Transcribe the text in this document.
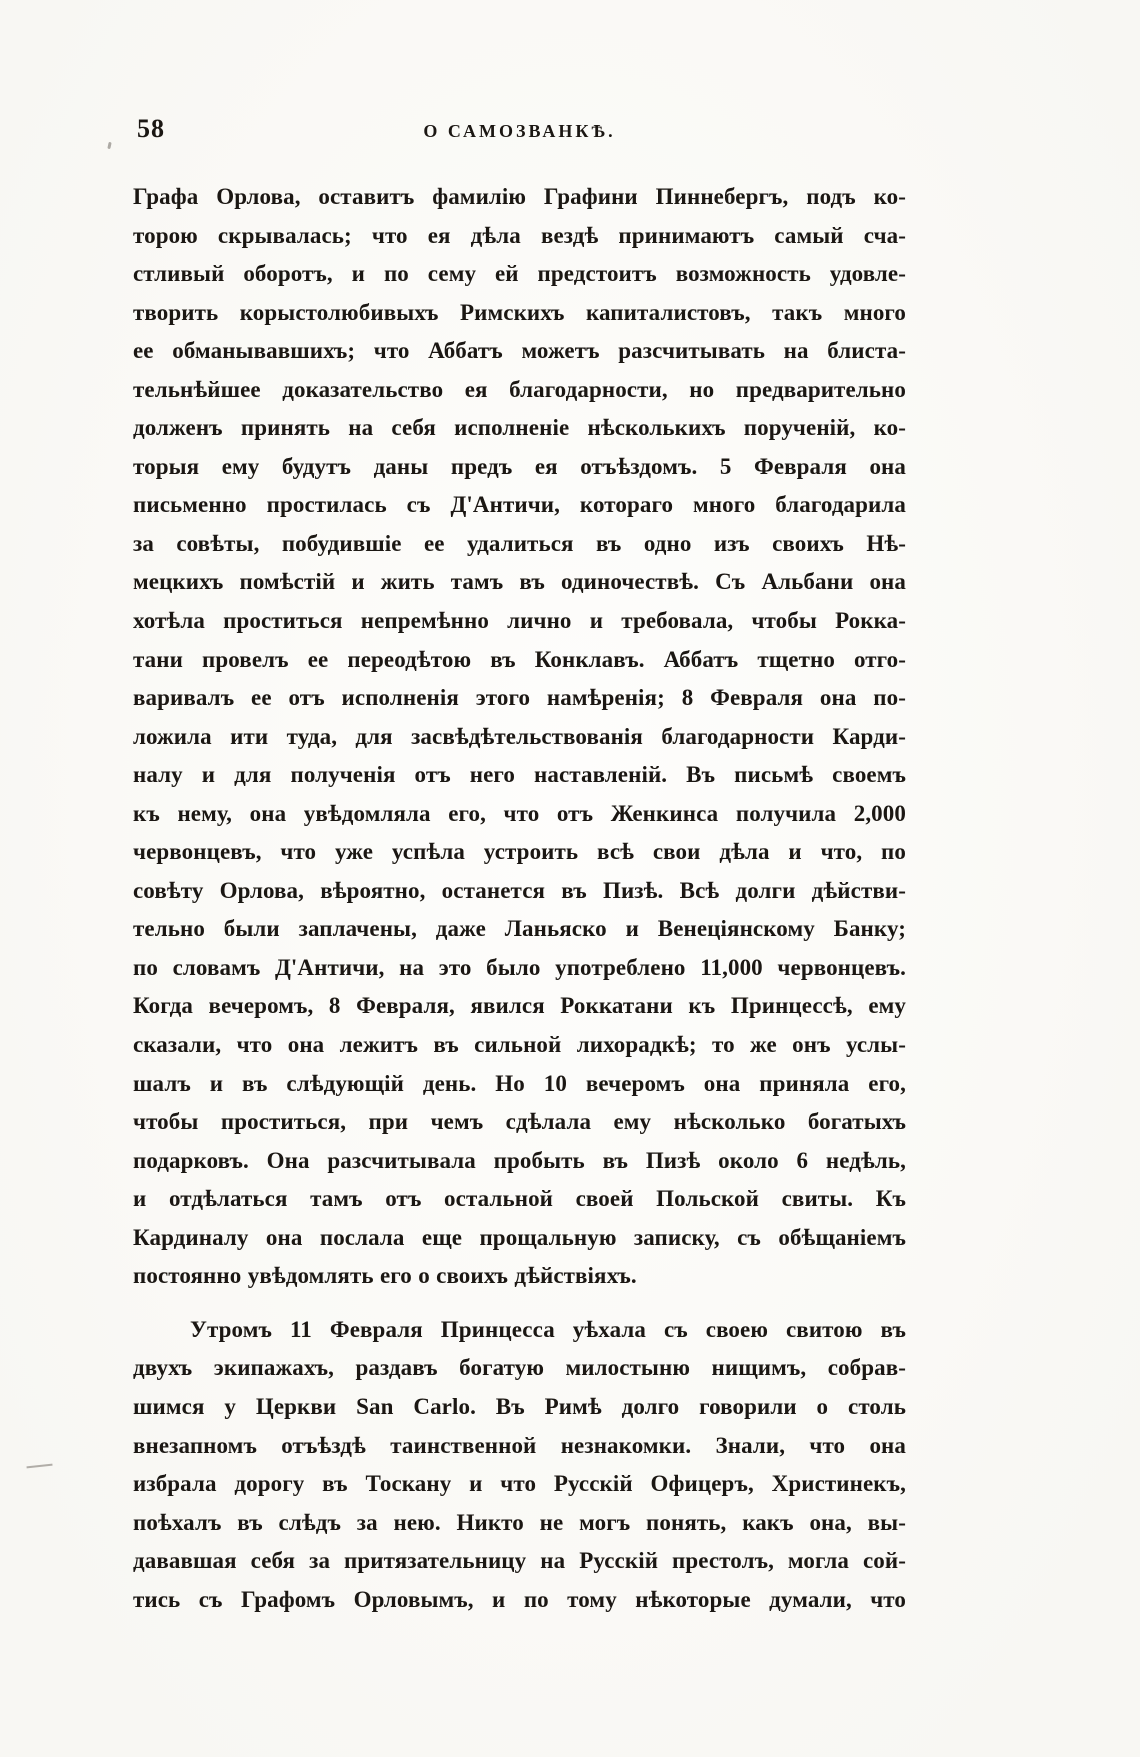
58	О САМОЗВАНКѢ.
Графа Орлова, оставитъ фамилію Графини Пиннебергъ, подъ ко-
торою скрывалась; что ея дѣла вездѣ принимаютъ самый сча-
стливый оборотъ, и по сему ей предстоитъ возможность удовле-
творить корыстолюбивыхъ Римскихъ капиталистовъ, такъ много
ее обманывавшихъ; что Аббатъ можетъ разсчитывать на блиста-
тельнѣйшее доказательство ея благодарности, но предварительно
долженъ принять на себя исполненіе нѣсколькихъ порученій, ко-
торыя ему будутъ даны предъ ея отъѣздомъ. 5 Февраля она
письменно простилась съ Д'Античи, котораго много благодарила
за совѣты, побудившіе ее удалиться въ одно изъ своихъ Нѣ-
мецкихъ помѣстій и жить тамъ въ одиночествѣ. Съ Альбани она
хотѣла проститься непремѣнно лично и требовала, чтобы Рокка-
тани провелъ ее переодѣтою въ Конклавъ. Аббатъ тщетно отго-
варивалъ ее отъ исполненія этого намѣренія; 8 Февраля она по-
ложила ити туда, для засвѣдѣтельствованія благодарности Карди-
налу и для полученія отъ него наставленій. Въ письмѣ своемъ
къ нему, она увѣдомляла его, что отъ Женкинса получила 2,000
червонцевъ, что уже успѣла устроить всѣ свои дѣла и что, по
совѣту Орлова, вѣроятно, останется въ Пизѣ. Всѣ долги дѣйстви-
тельно были заплачены, даже Ланьяско и Венеціянскому Банку;
по словамъ Д'Античи, на это было употреблено 11,000 червонцевъ.
Когда вечеромъ, 8 Февраля, явился Роккатани къ Принцессѣ, ему
сказали, что она лежитъ въ сильной лихорадкѣ; то же онъ услы-
шалъ и въ слѣдующій день. Но 10 вечеромъ она приняла его,
чтобы проститься, при чемъ сдѣлала ему нѣсколько богатыхъ
подарковъ. Она разсчитывала пробыть въ Пизѣ около 6 недѣль,
и отдѣлаться тамъ отъ остальной своей Польской свиты. Къ
Кардиналу она послала еще прощальную записку, съ обѣщаніемъ
постоянно увѣдомлять его о своихъ дѣйствіяхъ.
Утромъ 11 Февраля Принцесса уѣхала съ своею свитою въ
двухъ экипажахъ, раздавъ богатую милостыню нищимъ, собрав-
шимся у Церкви San Carlo. Въ Римѣ долго говорили о столь
внезапномъ отъѣздѣ таинственной незнакомки. Знали, что она
избрала дорогу въ Тоскану и что Русскій Офицеръ, Христинекъ,
поѣхалъ въ слѣдъ за нею. Никто не могъ понять, какъ она, вы-
дававшая себя за притязательницу на Русскій престолъ, могла сой-
тись съ Графомъ Орловымъ, и по тому нѣкоторые думали, что
